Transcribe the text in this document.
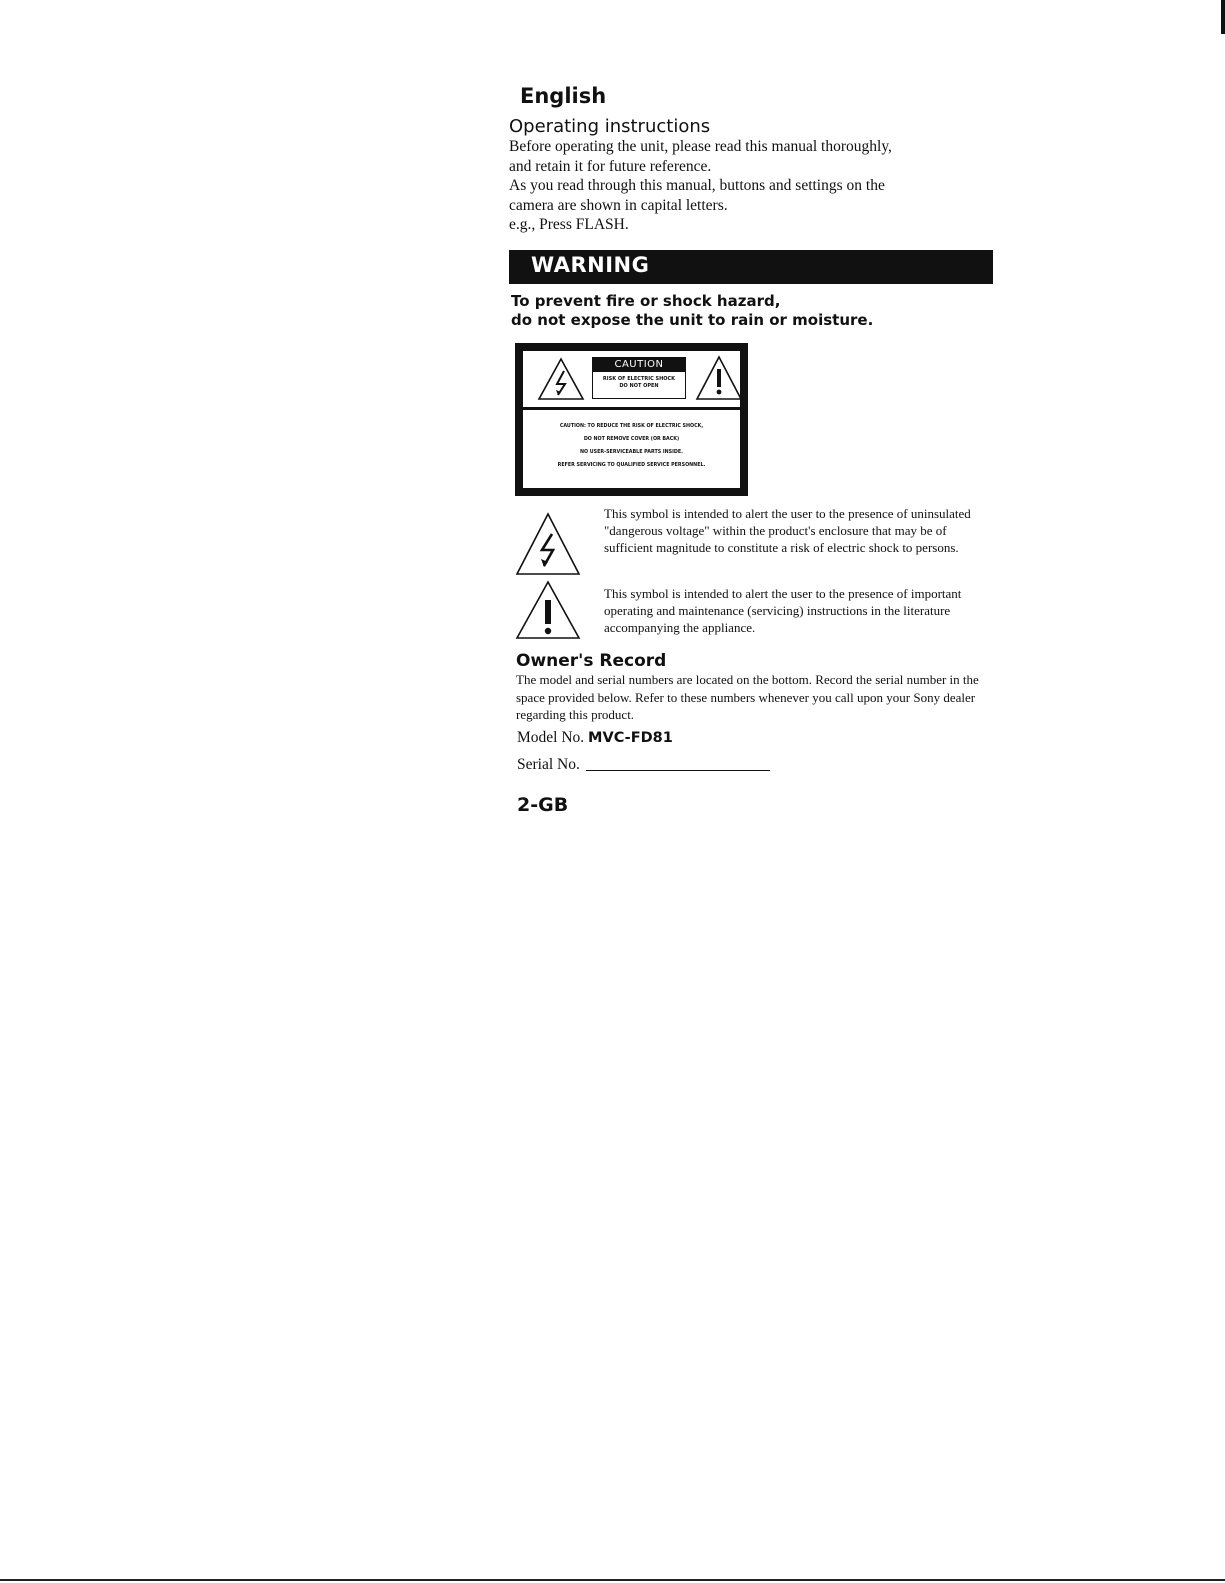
English
Operating instructions

Before operating the unit, please read this manual thoroughly,

and retain it for future reference.

As you read through this manual, buttons and settings on the

camera are shown in capital letters.

e.g., Press FLASH.

WARNING
To prevent fire or shock hazard,
do not expose the unit to rain or moisture.
CAUTION
RISK OF ELECTRIC SHOCK
DO NOT OPEN
CAUTION: TO REDUCE THE RISK OF ELECTRIC SHOCK,
DO NOT REMOVE COVER (OR BACK)
NO USER-SERVICEABLE PARTS INSIDE.
REFER SERVICING TO QUALIFIED SERVICE PERSONNEL.
This symbol is intended to alert the user to the presence of uninsulated "dangerous voltage" within the product's enclosure that may be of sufficient magnitude to constitute a risk of electric shock to persons.
This symbol is intended to alert the user to the presence of important operating and maintenance (servicing) instructions in the literature accompanying the appliance.
Owner's Record
The model and serial numbers are located on the bottom. Record the serial number in the space provided below. Refer to these numbers whenever you call upon your Sony dealer regarding this product.
Model No. MVC-FD81
Serial No.
2-GB
